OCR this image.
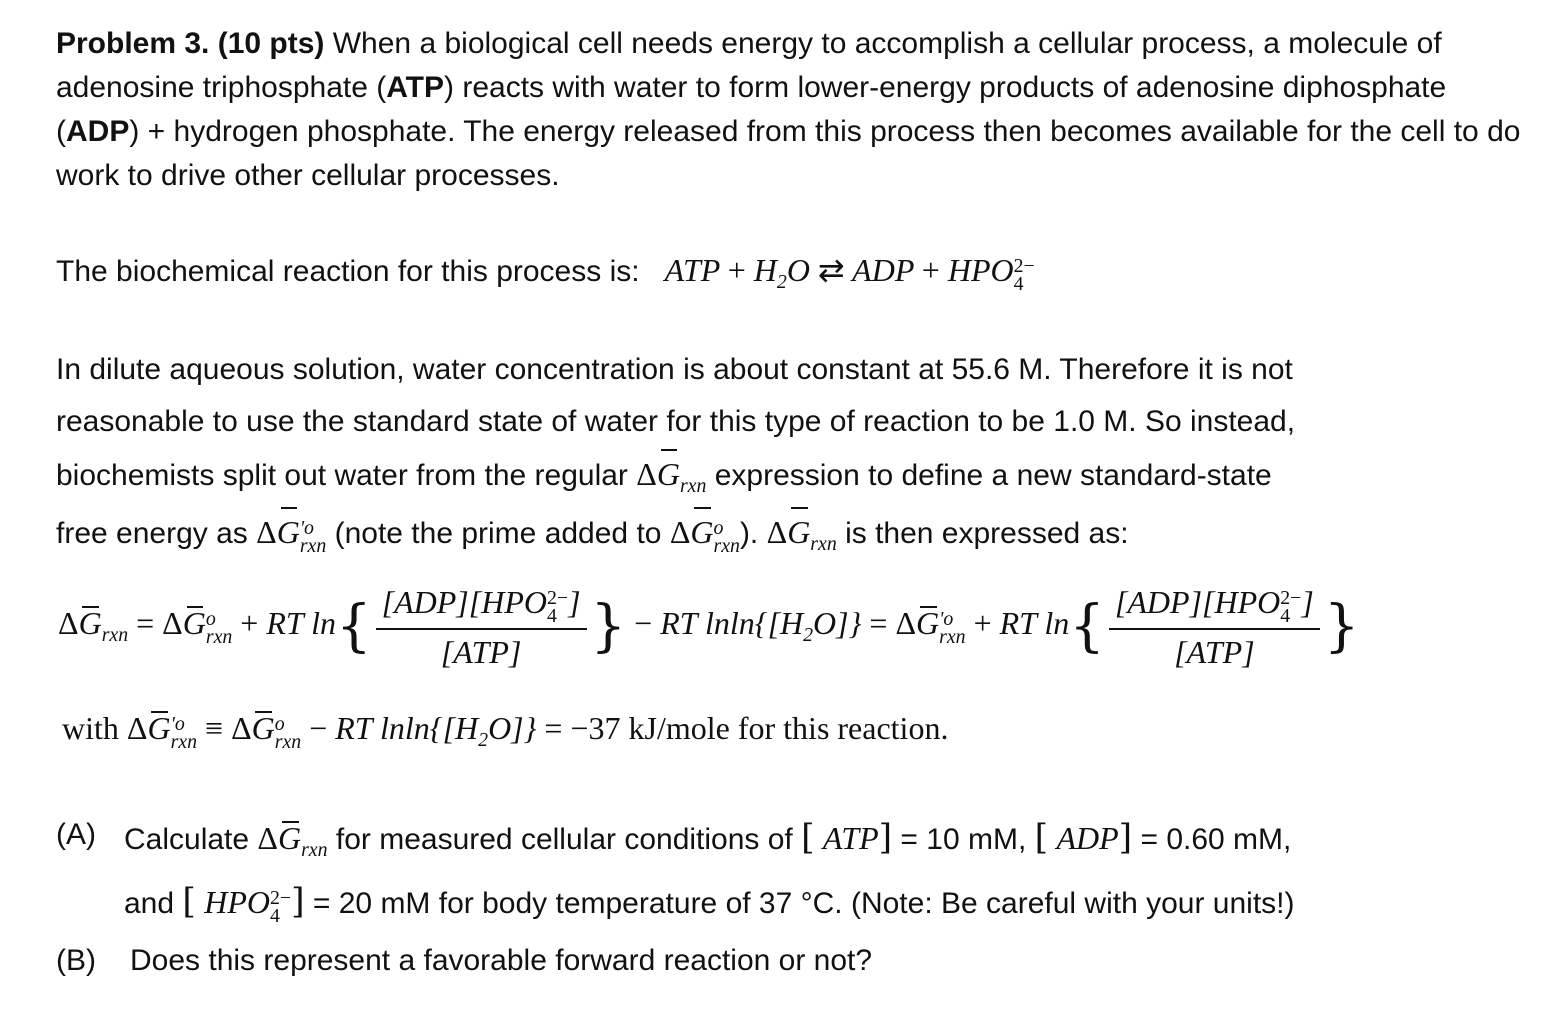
Problem 3. (10 pts) When a biological cell needs energy to accomplish a cellular process, a molecule of adenosine triphosphate (ATP) reacts with water to form lower-energy products of adenosine diphosphate (ADP) + hydrogen phosphate. The energy released from this process then becomes available for the cell to do work to drive other cellular processes.

The biochemical reaction for this process is: ATP + $H_2O$ ⇄ ADP + HPO 2−
4

In dilute aqueous solution, water concentration is about constant at 55.6 M. Therefore it is not
reasonable to use the standard state of water for this type of reaction to be 1.0 M. So instead,
biochemists split out water from the regular $\Delta G_{rxn}$ expression to define a new standard-state
free energy as ΔG 'o
rxn (note the prime added to ΔG o
rxn ). $\Delta G_{rxn}$ is then expressed as:
$\Delta G_{rxn} = \Delta G$ o
rxn + RT ln{ [ADP][HPO 2−
4 ]
[ATP] } − RT $lnln\{[H_2O]\} = \Delta G$ 'o
rxn + RT ln{ [ADP][HPO 2−
4 ]
[ATP] }
with ΔG 'o
rxn ≡ ΔG o
rxn − RT $lnln\{[H_2O]\} = -37$ kJ/mole for this reaction.
(A) Calculate $\Delta G_{rxn}$ for measured cellular conditions of [ ATP] = 10 mM, [ ADP] = 0.60 mM,
and [ HPO 2−
4 ] = 20 mM for body temperature of 37 °C. (Note: Be careful with your units!)
(B) Does this represent a favorable forward reaction or not?
